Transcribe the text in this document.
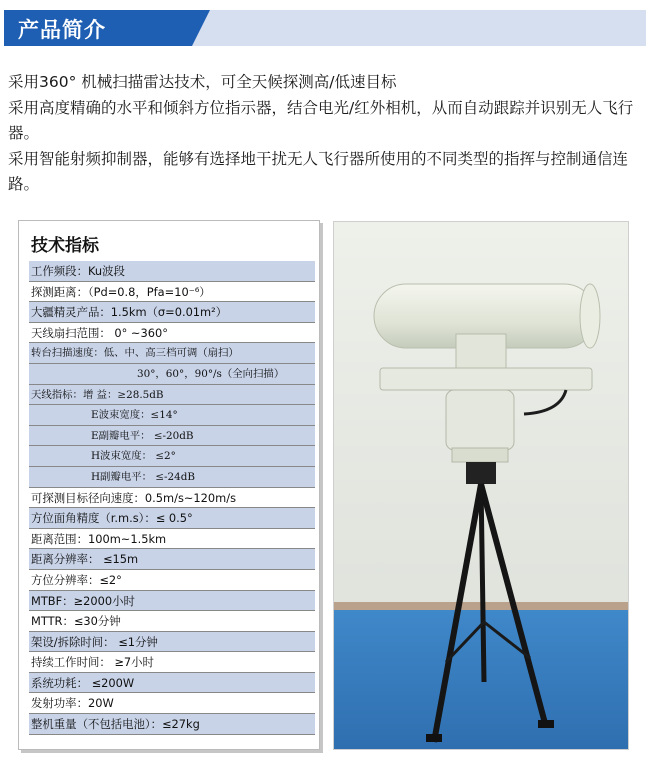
产品简介

采用360° 机械扫描雷达技术，可全天候探测高/低速目标

采用高度精确的水平和倾斜方位指示器，结合电光/红外相机，从而自动跟踪并识别无人飞行器。

采用智能射频抑制器，能够有选择地干扰无人飞行器所使用的不同类型的指挥与控制通信连路。

技术指标
工作频段：Ku波段
探测距离：（Pd=0.8，Pfa=10⁻⁶）
大疆精灵产品：1.5km（σ=0.01m²）
天线扇扫范围： 0° ~360°
转台扫描速度：低、中、高三档可调（扇扫）
30°，60°，90°/s（全向扫描）
天线指标：增 益：≥28.5dB
E波束宽度：≤14°
E副瓣电平： ≤-20dB
H波束宽度： ≤2°
H副瓣电平： ≤-24dB
可探测目标径向速度：0.5m/s~120m/s
方位面角精度（r.m.s）：≤ 0.5°
距离范围：100m~1.5km
距离分辨率： ≤15m
方位分辨率：≤2°
MTBF：≥2000小时
MTTR：≤30分钟
架设/拆除时间： ≤1分钟
持续工作时间： ≥7小时
系统功耗： ≤200W
发射功率：20W
整机重量（不包括电池）：≤27kg
